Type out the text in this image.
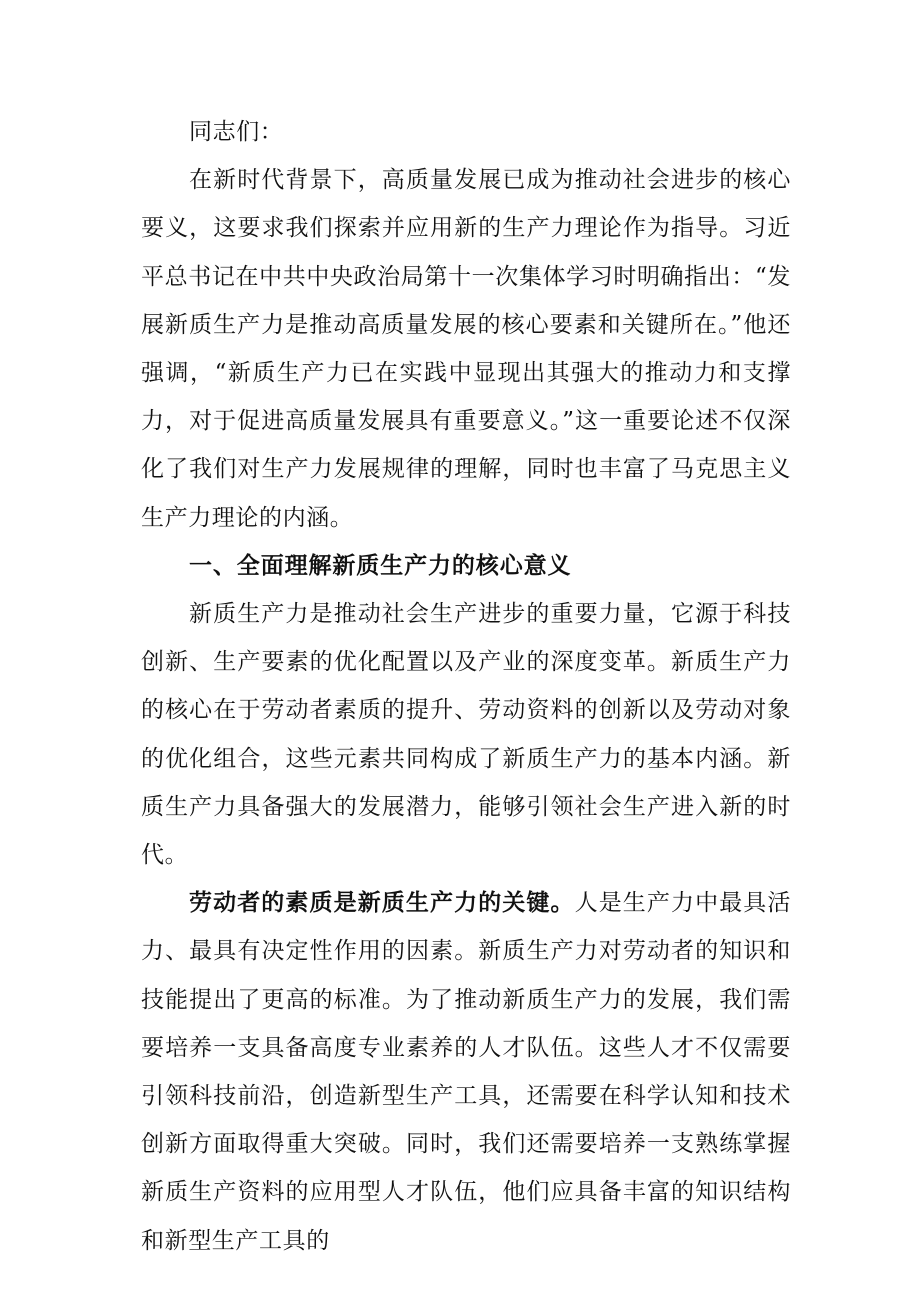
同志们：

在新时代背景下，高质量发展已成为推动社会进步的核心要义，这要求我们探索并应用新的生产力理论作为指导。习近平总书记在中共中央政治局第十一次集体学习时明确指出：“发展新质生产力是推动高质量发展的核心要素和关键所在。”他还强调，“新质生产力已在实践中显现出其强大的推动力和支撑力，对于促进高质量发展具有重要意义。”这一重要论述不仅深化了我们对生产力发展规律的理解，同时也丰富了马克思主义生产力理论的内涵。

一、全面理解新质生产力的核心意义

新质生产力是推动社会生产进步的重要力量，它源于科技创新、生产要素的优化配置以及产业的深度变革。新质生产力的核心在于劳动者素质的提升、劳动资料的创新以及劳动对象的优化组合，这些元素共同构成了新质生产力的基本内涵。新质生产力具备强大的发展潜力，能够引领社会生产进入新的时代。

劳动者的素质是新质生产力的关键。人是生产力中最具活力、最具有决定性作用的因素。新质生产力对劳动者的知识和技能提出了更高的标准。为了推动新质生产力的发展，我们需要培养一支具备高度专业素养的人才队伍。这些人才不仅需要引领科技前沿，创造新型生产工具，还需要在科学认知和技术创新方面取得重大突破。同时，我们还需要培养一支熟练掌握新质生产资料的应用型人才队伍，他们应具备丰富的知识结构和新型生产工具的
